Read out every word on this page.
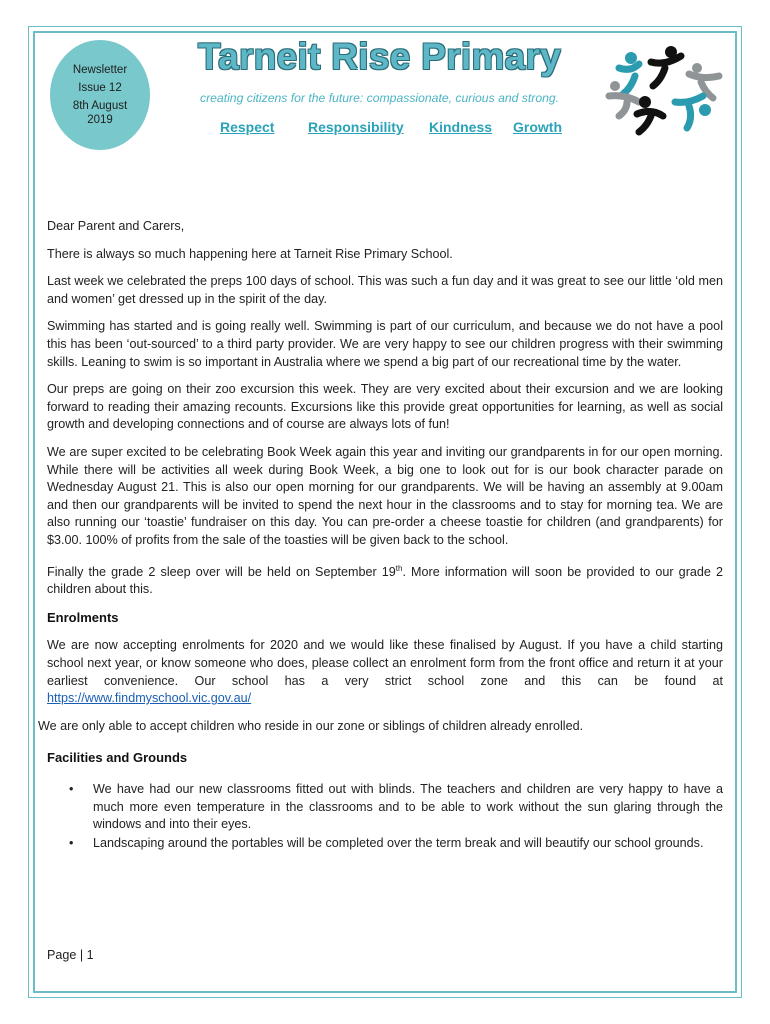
Newsletter
Issue 12
8th August
2019
Tarneit Rise Primary
creating citizens for the future: compassionate, curious and strong.
Respect Responsibility Kindness Growth

Dear Parent and Carers,

There is always so much happening here at Tarneit Rise Primary School.

Last week we celebrated the preps 100 days of school. This was such a fun day and it was great to see our little ‘old men and women’ get dressed up in the spirit of the day.

Swimming has started and is going really well. Swimming is part of our curriculum, and because we do not have a pool this has been ‘out-sourced’ to a third party provider. We are very happy to see our children progress with their swimming skills. Leaning to swim is so important in Australia where we spend a big part of our recreational time by the water.

Our preps are going on their zoo excursion this week. They are very excited about their excursion and we are looking forward to reading their amazing recounts. Excursions like this provide great opportunities for learning, as well as social growth and developing connections and of course are always lots of fun!

We are super excited to be celebrating Book Week again this year and inviting our grandparents in for our open morning. While there will be activities all week during Book Week, a big one to look out for is our book character parade on Wednesday August 21. This is also our open morning for our grandparents. We will be having an assembly at 9.00am and then our grandparents will be invited to spend the next hour in the classrooms and to stay for morning tea. We are also running our ‘toastie’ fundraiser on this day. You can pre-order a cheese toastie for children (and grandparents) for $3.00. 100% of profits from the sale of the toasties will be given back to the school.

Finally the grade 2 sleep over will be held on September 19th. More information will soon be provided to our grade 2 children about this.

Enrolments

We are now accepting enrolments for 2020 and we would like these finalised by August. If you have a child starting school next year, or know someone who does, please collect an enrolment form from the front office and return it at your earliest convenience. Our school has a very strict school zone and this can be found at https://www.findmyschool.vic.gov.au/

We are only able to accept children who reside in our zone or siblings of children already enrolled.

Facilities and Grounds
• We have had our new classrooms fitted out with blinds. The teachers and children are very happy to have a much more even temperature in the classrooms and to be able to work without the sun glaring through the windows and into their eyes.
• Landscaping around the portables will be completed over the term break and will beautify our school grounds.
Page | 1
